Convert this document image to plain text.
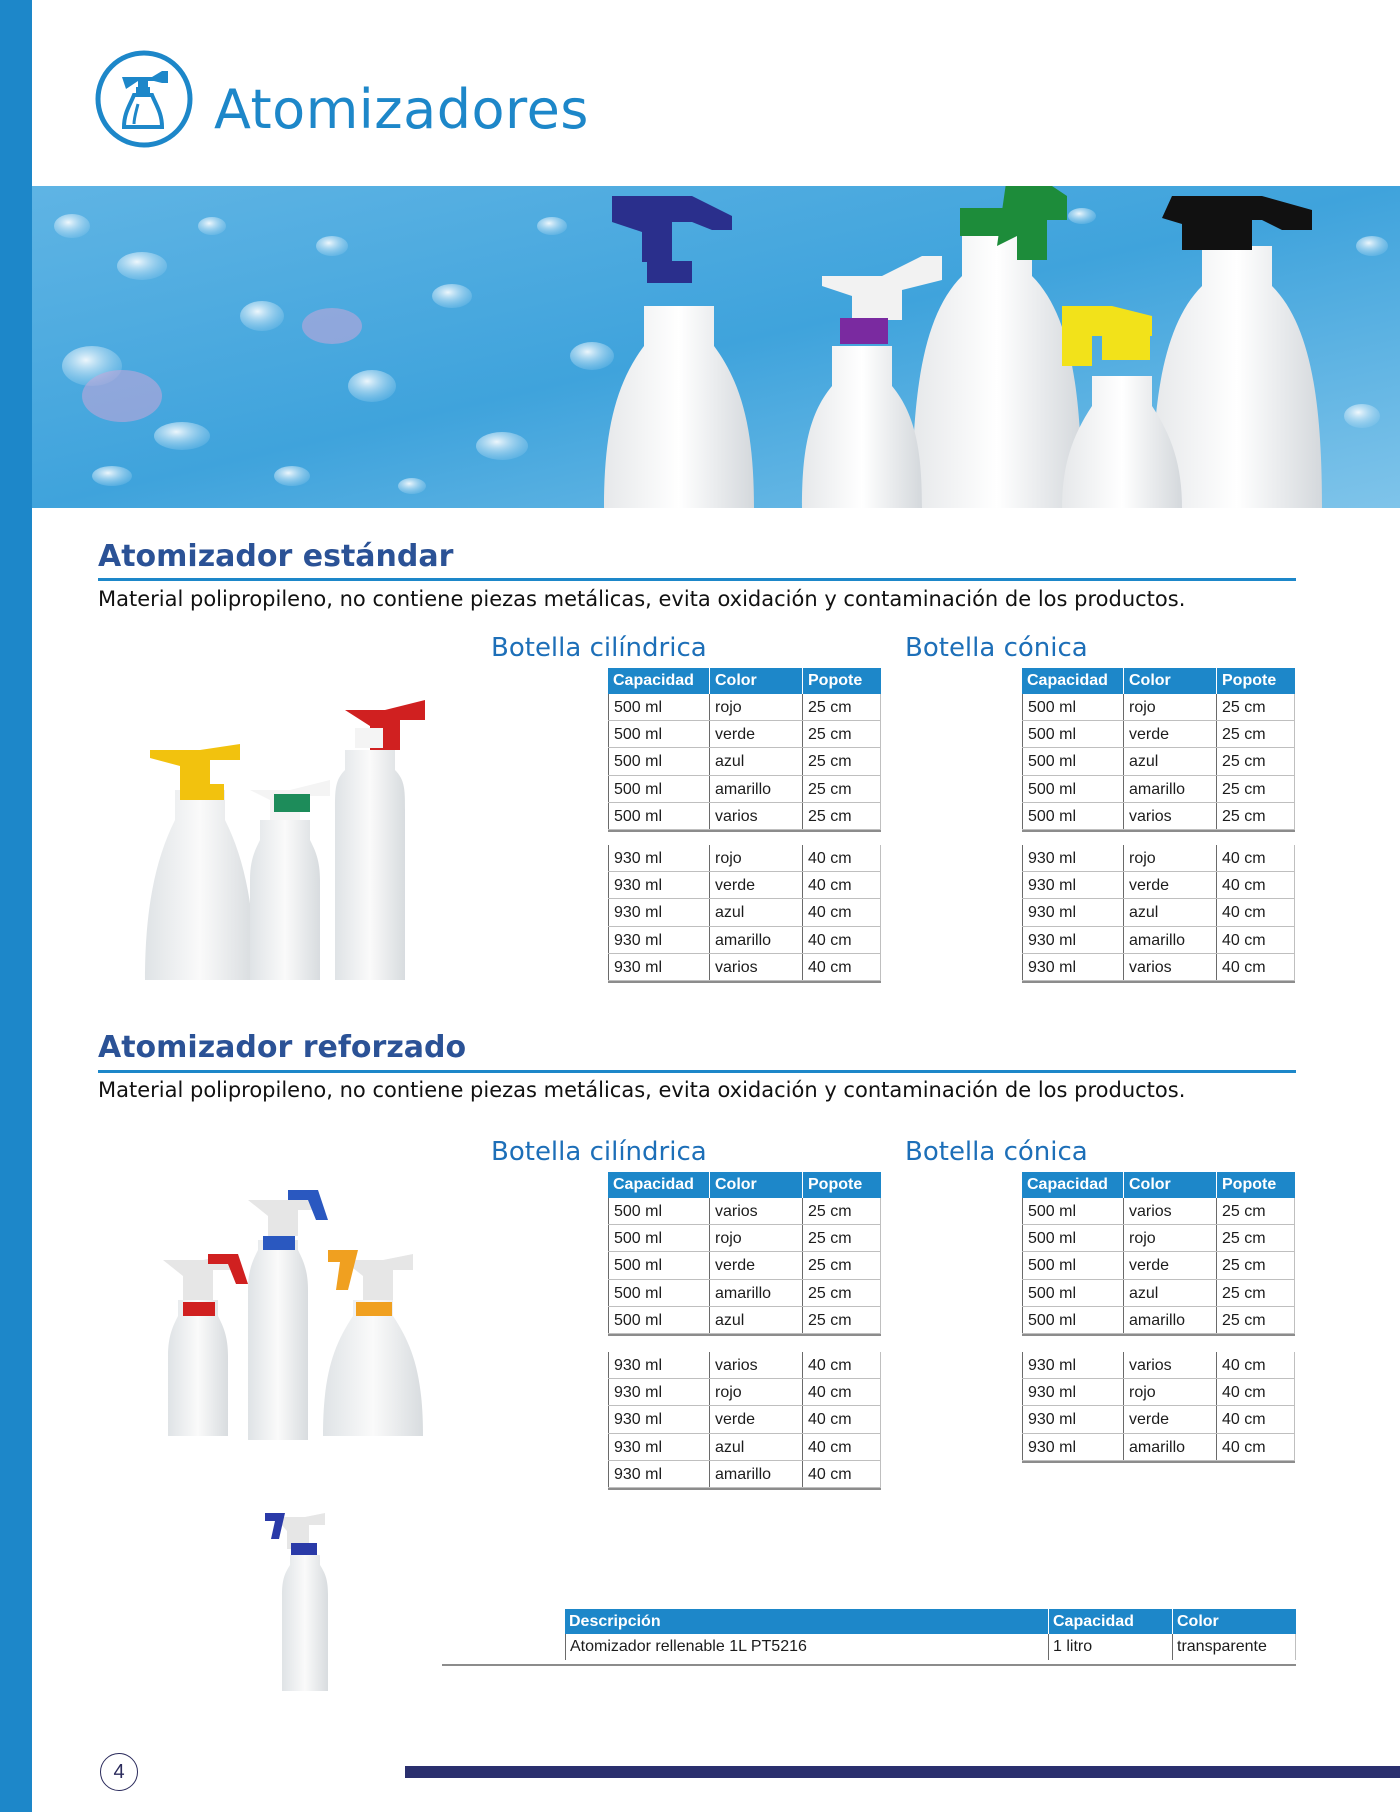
Atomizadores
Atomizador estándar
Material polipropileno, no contiene piezas metálicas, evita oxidación y contaminación de los productos.
Botella cilíndrica	Botella cónica
Capacidad	Color	Popote
500 ml	rojo	25 cm
500 ml	verde	25 cm
500 ml	azul	25 cm
500 ml	amarillo	25 cm
500 ml	varios	25 cm
930 ml	rojo	40 cm
930 ml	verde	40 cm
930 ml	azul	40 cm
930 ml	amarillo	40 cm
930 ml	varios	40 cm
Capacidad	Color	Popote
500 ml	rojo	25 cm
500 ml	verde	25 cm
500 ml	azul	25 cm
500 ml	amarillo	25 cm
500 ml	varios	25 cm
930 ml	rojo	40 cm
930 ml	verde	40 cm
930 ml	azul	40 cm
930 ml	amarillo	40 cm
930 ml	varios	40 cm
Atomizador reforzado
Material polipropileno, no contiene piezas metálicas, evita oxidación y contaminación de los productos.
Botella cilíndrica	Botella cónica
Capacidad	Color	Popote
500 ml	varios	25 cm
500 ml	rojo	25 cm
500 ml	verde	25 cm
500 ml	amarillo	25 cm
500 ml	azul	25 cm
930 ml	varios	40 cm
930 ml	rojo	40 cm
930 ml	verde	40 cm
930 ml	azul	40 cm
930 ml	amarillo	40 cm
Capacidad	Color	Popote
500 ml	varios	25 cm
500 ml	rojo	25 cm
500 ml	verde	25 cm
500 ml	azul	25 cm
500 ml	amarillo	25 cm
930 ml	varios	40 cm
930 ml	rojo	40 cm
930 ml	verde	40 cm
930 ml	amarillo	40 cm
Descripción	Capacidad	Color
Atomizador rellenable 1L PT5216	1 litro	transparente
4
